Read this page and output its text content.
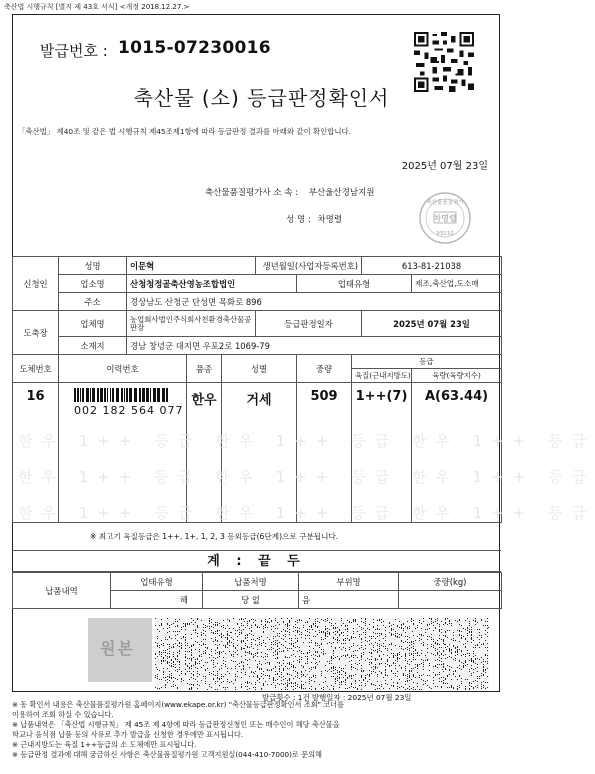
축산법 시행규칙 [별지 제 43호 서식] <개정 2018.12.27.>
발급번호 : 1015-07230016
축산물 (소) 등급판정확인서
「축산법」 제40조 및 같은 법 시행규칙 제45조제1항에 따라 등급판정 결과를 아래와 같이 확인합니다.
2025년 07월 23일
축산물품질평가사 소 속 : 부산울산경남지원
성 명 : 차명렬
축산물품질평가
차명렬
93110
신청인	성명	이문혁			생년월일(사업자등록번호)			613-81-21038	
	업소명	산청청정골축산영농조합법인				업태유형			제조,축산업,도소매
	주소	경상남도 산청군 단성면 목화로 896							
도축장	업체명	농업회사법인주식회사친환경축산물공판장			등급판정일자			2025년 07월 23일	
	소재지	경남 창녕군 대지면 우포2로 1069-79							
도체번호	이력번호		품종	성별		중량	등급		
							육질(근내지방도)		육량(육량지수)
16	002 182 564 077		한우	거세		509	1++(7)		A(63.44)
한우 1++ 등급 한우 1++ 등급 한우 1++ 등급
한우 1++ 등급 한우 1++ 등급 한우 1++ 등급
한우 1++ 등급 한우 1++ 등급 한우 1++ 등급
※ 최고기 육질등급은 1++, 1+, 1, 2, 3 등외등급(6단계)으로 구분됩니다.
계 : 끝 두
납품내역	업태유형	납품처명	부위명	중량(kg)
	해	당 없	음	
원본
발급횟수 : 1건 발행일자 : 2025년 07월 23일
※ 동 확인서 내용은 축산물품질평가원 홈페이지(www.ekape.or.kr) "축산물등급판정확인서 조회" 코너를
이용하여 조회 하실 수 있습니다.
※ 납품내역은 「축산법 시행규칙」 제 45조 제 4항에 따라 등급판정신청인 또는 매수인이 해당 축산물을
학교나 음식점 납품 등의 사유로 추가 발급을 신청한 경우에만 표시됩니다.
※ 근내지방도는 육질 1++등급의 소 도체에만 표시됩니다.
※ 등급판정 결과에 대해 궁금하신 사항은 축산물품질평가원 고객지원실(044-410-7000)로 문의해
